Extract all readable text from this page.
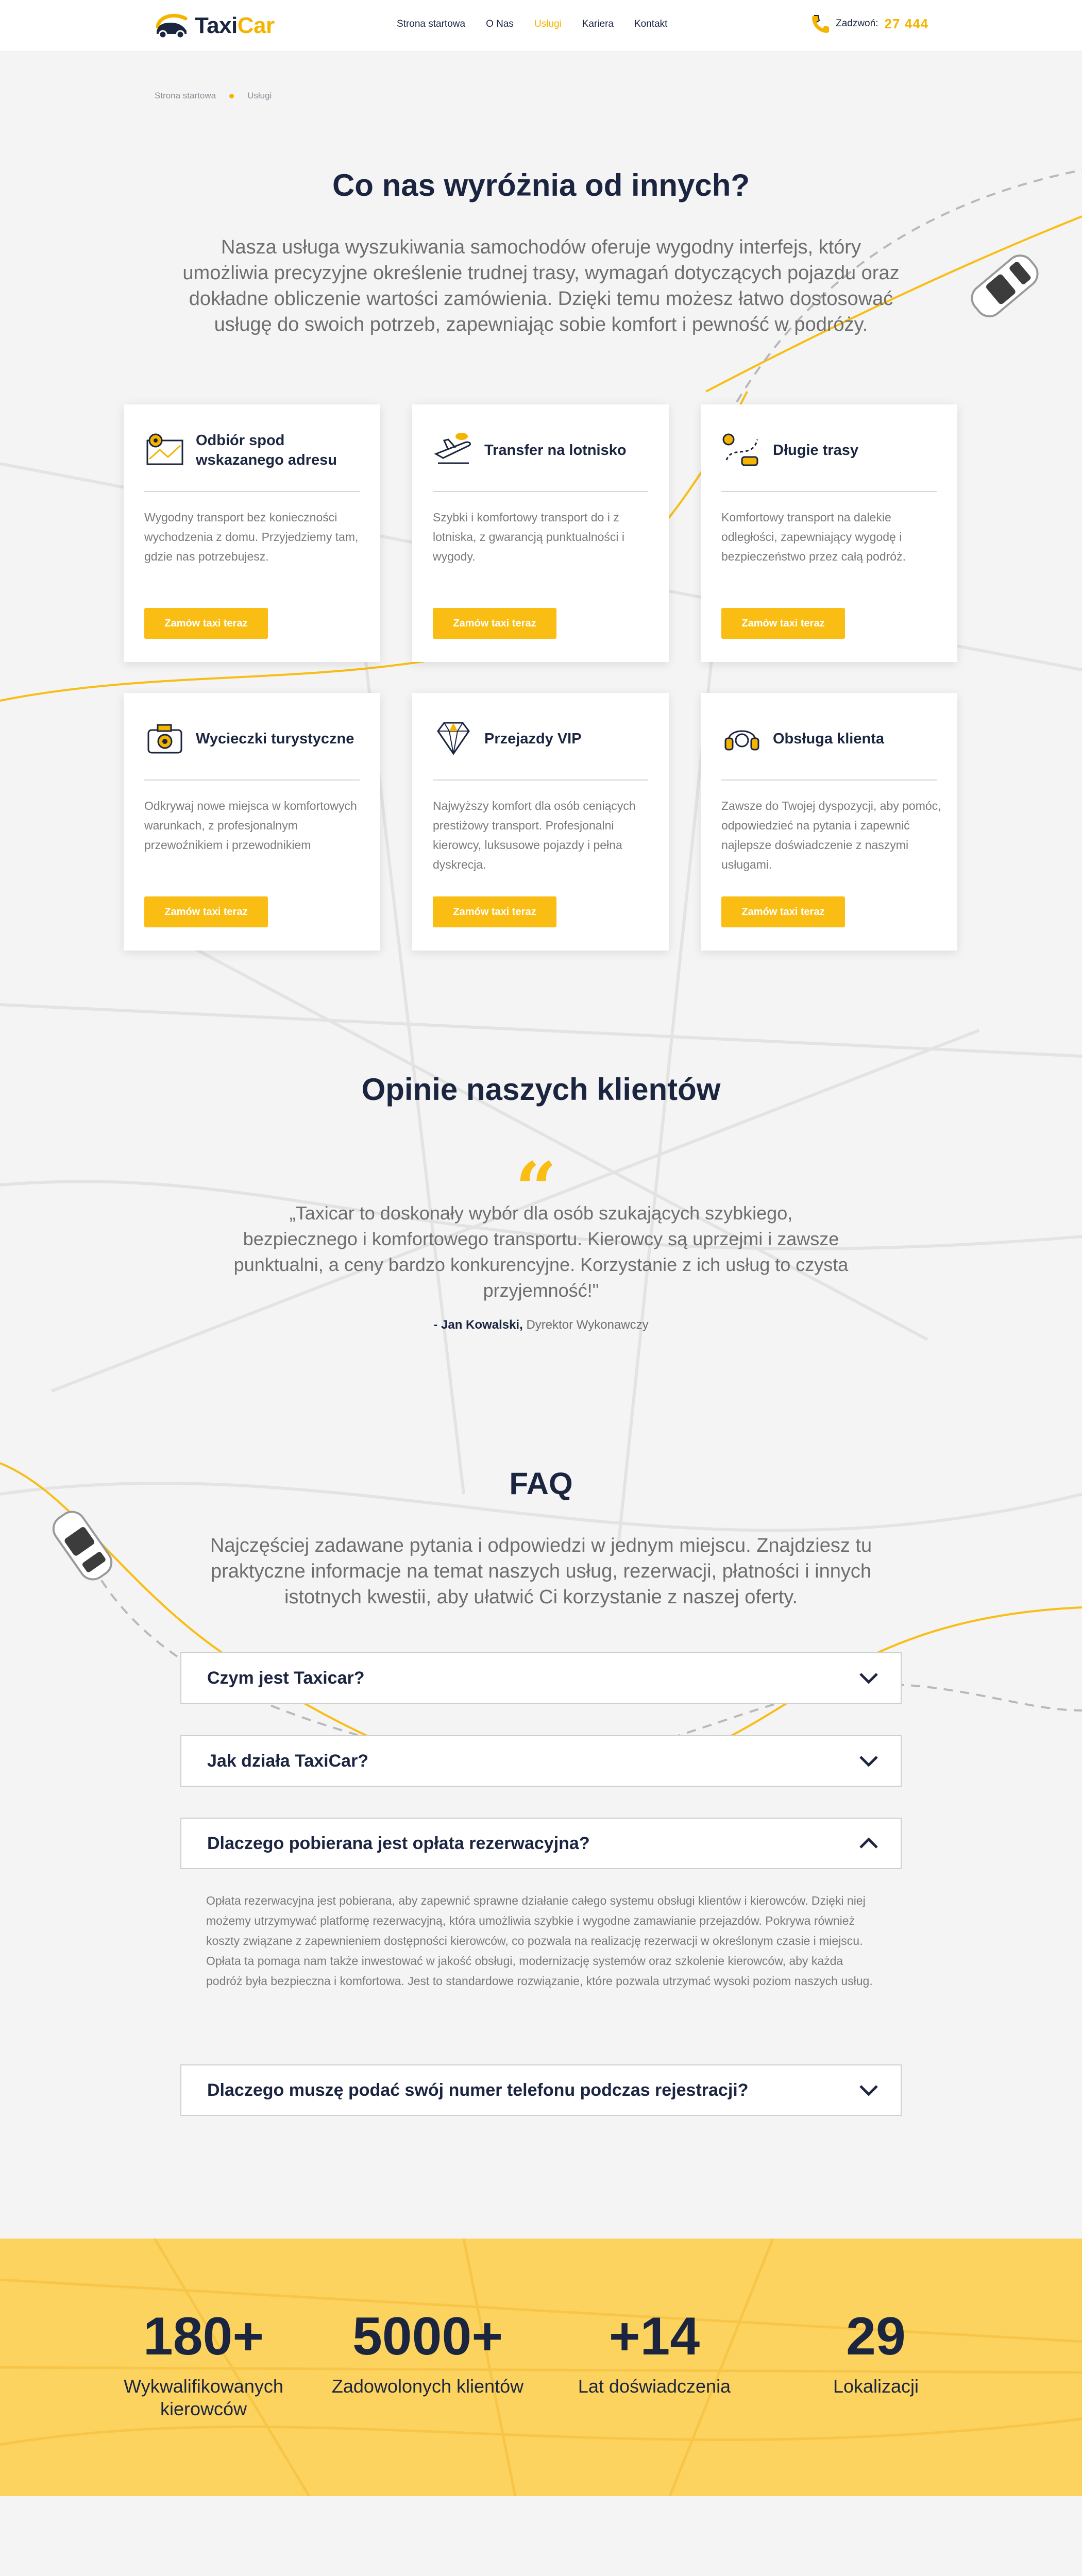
TaxiCar	Strona startowa O Nas Usługi Kariera Kontakt	Zadzwoń: 27 444
Strona startowa	Usługi
Co nas wyróżnia od innych?

Nasza usługa wyszukiwania samochodów oferuje wygodny interfejs, który umożliwia precyzyjne określenie trudnej trasy, wymagań dotyczących pojazdu oraz dokładne obliczenie wartości zamówienia. Dzięki temu możesz łatwo dostosować usługę do swoich potrzeb, zapewniając sobie komfort i pewność w podróży.

Odbiór spod wskazanego adresu
Wygodny transport bez konieczności wychodzenia z domu. Przyjedziemy tam, gdzie nas potrzebujesz.
Zamów taxi teraz
Transfer na lotnisko
Szybki i komfortowy transport do i z lotniska, z gwarancją punktualności i wygody.
Zamów taxi teraz
Długie trasy
Komfortowy transport na dalekie odległości, zapewniający wygodę i bezpieczeństwo przez całą podróż.
Zamów taxi teraz
Wycieczki turystyczne
Odkrywaj nowe miejsca w komfortowych warunkach, z profesjonalnym przewoźnikiem i przewodnikiem
Zamów taxi teraz
Przejazdy VIP
Najwyższy komfort dla osób ceniących prestiżowy transport. Profesjonalni kierowcy, luksusowe pojazdy i pełna dyskrecja.
Zamów taxi teraz
Obsługa klienta
Zawsze do Twojej dyspozycji, aby pomóc, odpowiedzieć na pytania i zapewnić najlepsze doświadczenie z naszymi usługami.
Zamów taxi teraz
Opinie naszych klientów
“

„Taxicar to doskonały wybór dla osób szukających szybkiego, bezpiecznego i komfortowego transportu. Kierowcy są uprzejmi i zawsze punktualni, a ceny bardzo konkurencyjne. Korzystanie z ich usług to czysta przyjemność!"

- Jan Kowalski, Dyrektor Wykonawczy

FAQ

Najczęściej zadawane pytania i odpowiedzi w jednym miejscu. Znajdziesz tu praktyczne informacje na temat naszych usług, rezerwacji, płatności i innych istotnych kwestii, aby ułatwić Ci korzystanie z naszej oferty.

Czym jest Taxicar?
Jak działa TaxiCar?
Dlaczego pobierana jest opłata rezerwacyjna?

Opłata rezerwacyjna jest pobierana, aby zapewnić sprawne działanie całego systemu obsługi klientów i kierowców. Dzięki niej możemy utrzymywać platformę rezerwacyjną, która umożliwia szybkie i wygodne zamawianie przejazdów. Pokrywa również koszty związane z zapewnieniem dostępności kierowców, co pozwala na realizację rezerwacji w określonym czasie i miejscu. Opłata ta pomaga nam także inwestować w jakość obsługi, modernizację systemów oraz szkolenie kierowców, aby każda podróż była bezpieczna i komfortowa. Jest to standardowe rozwiązanie, które pozwala utrzymać wysoki poziom naszych usług.

Dlaczego muszę podać swój numer telefonu podczas rejestracji?
180+
Wykwalifikowanych kierowców
5000+
Zadowolonych klientów
+14
Lat doświadczenia
29
Lokalizacji
